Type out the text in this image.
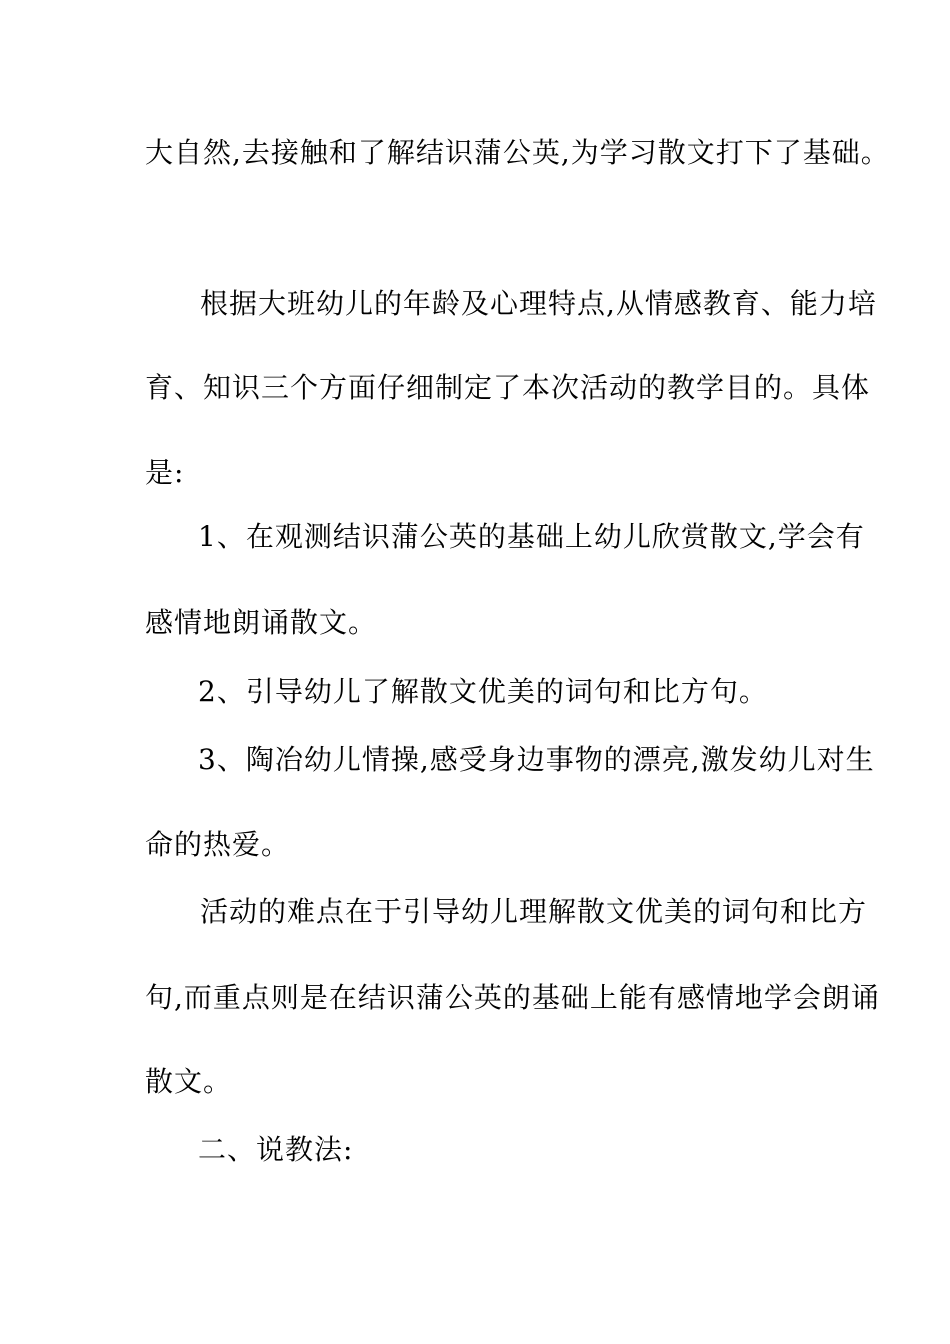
大自然,去接触和了解结识蒲公英,为学习散文打下了基础。
根据大班幼儿的年龄及心理特点,从情感教育、能力培
育、知识三个方面仔细制定了本次活动的教学目的。具体
是:
1、在观测结识蒲公英的基础上幼儿欣赏散文,学会有
感情地朗诵散文。
2、引导幼儿了解散文优美的词句和比方句。
3、陶冶幼儿情操,感受身边事物的漂亮,激发幼儿对生
命的热爱。
活动的难点在于引导幼儿理解散文优美的词句和比方
句,而重点则是在结识蒲公英的基础上能有感情地学会朗诵
散文。
二、说教法:
